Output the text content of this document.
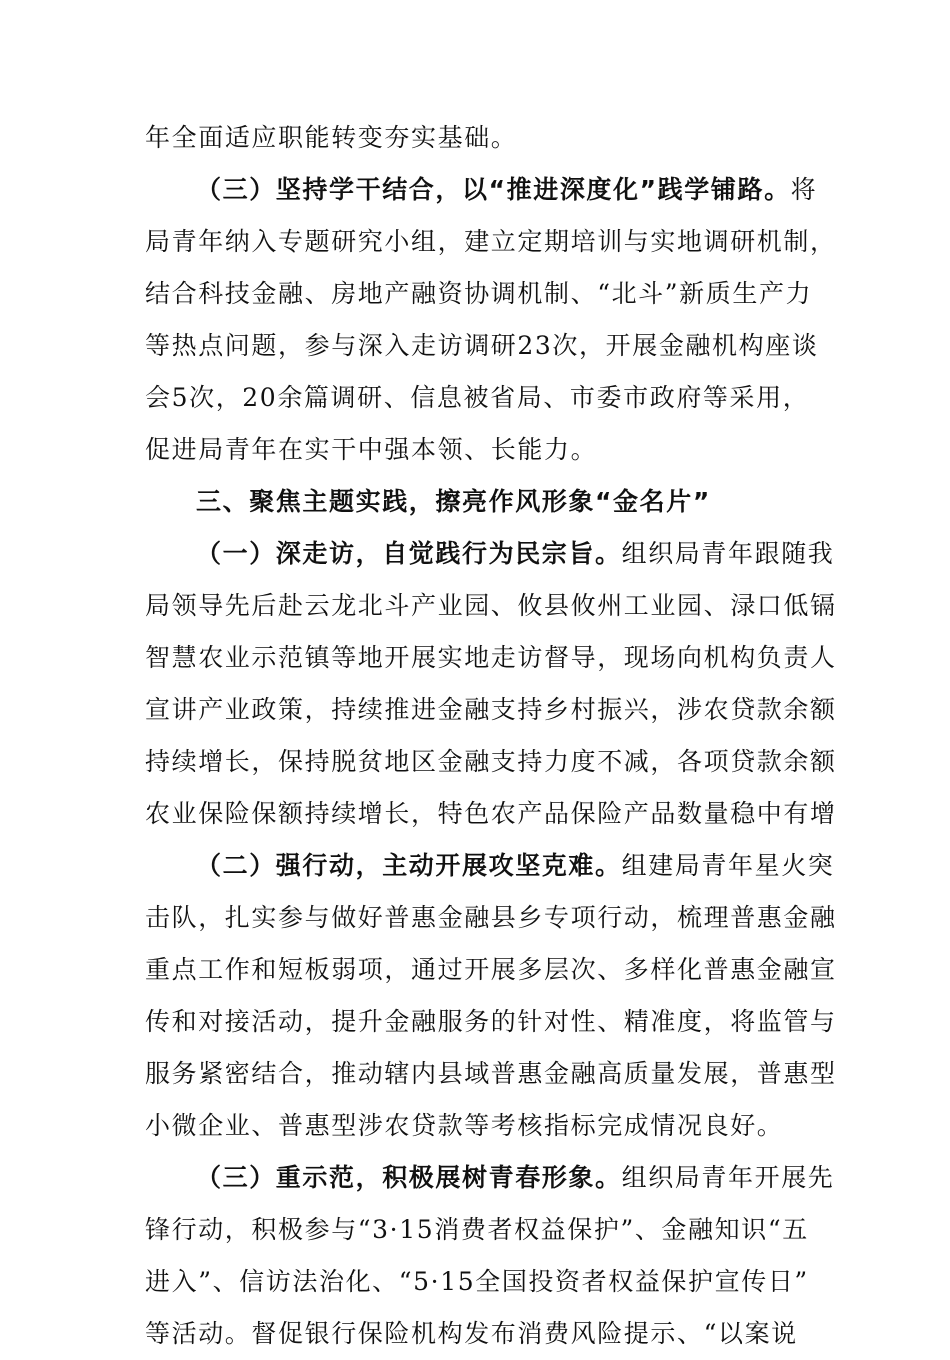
年全面适应职能转变夯实基础。
（三）坚持学干结合，以“推进深度化”践学铺路。将
局青年纳入专题研究小组，建立定期培训与实地调研机制，
结合科技金融、房地产融资协调机制、“北斗”新质生产力
等热点问题，参与深入走访调研23次，开展金融机构座谈
会5次，20余篇调研、信息被省局、市委市政府等采用，
促进局青年在实干中强本领、长能力。
三、聚焦主题实践，擦亮作风形象“金名片”
（一）深走访，自觉践行为民宗旨。组织局青年跟随我
局领导先后赴云龙北斗产业园、攸县攸州工业园、渌口低镉
智慧农业示范镇等地开展实地走访督导，现场向机构负责人
宣讲产业政策，持续推进金融支持乡村振兴，涉农贷款余额
持续增长，保持脱贫地区金融支持力度不减，各项贷款余额
农业保险保额持续增长，特色农产品保险产品数量稳中有增
（二）强行动，主动开展攻坚克难。组建局青年星火突
击队，扎实参与做好普惠金融县乡专项行动，梳理普惠金融
重点工作和短板弱项，通过开展多层次、多样化普惠金融宣
传和对接活动，提升金融服务的针对性、精准度，将监管与
服务紧密结合，推动辖内县域普惠金融高质量发展，普惠型
小微企业、普惠型涉农贷款等考核指标完成情况良好。
（三）重示范，积极展树青春形象。组织局青年开展先
锋行动，积极参与“3·15消费者权益保护”、金融知识“五
进入”、信访法治化、“5·15全国投资者权益保护宣传日”
等活动。督促银行保险机构发布消费风险提示、“以案说
